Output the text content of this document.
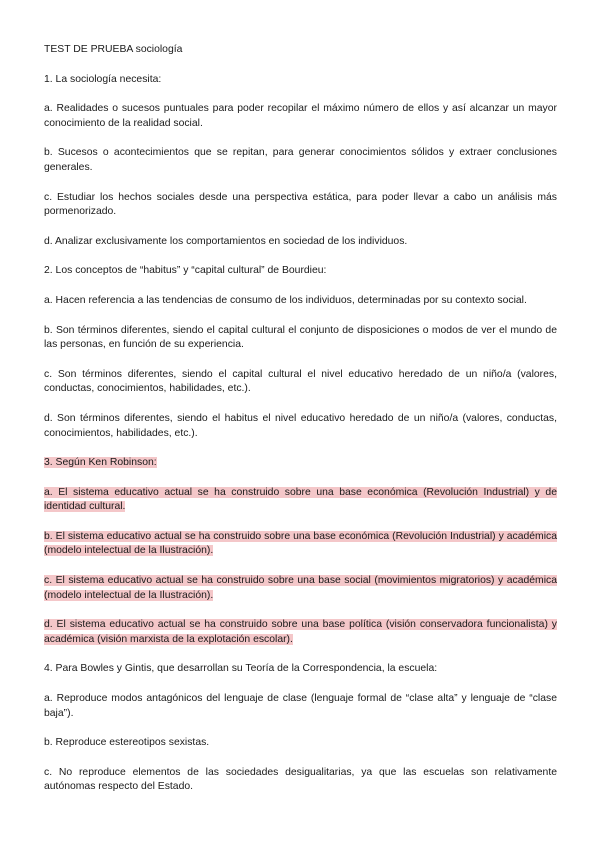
TEST DE PRUEBA sociología
1. La sociología necesita:
a. Realidades o sucesos puntuales para poder recopilar el máximo número de ellos y así alcanzar un mayor conocimiento de la realidad social.
b. Sucesos o acontecimientos que se repitan, para generar conocimientos sólidos y extraer conclusiones generales.
c. Estudiar los hechos sociales desde una perspectiva estática, para poder llevar a cabo un análisis más pormenorizado.
d. Analizar exclusivamente los comportamientos en sociedad de los individuos.
2. Los conceptos de “habitus” y “capital cultural” de Bourdieu:
a. Hacen referencia a las tendencias de consumo de los individuos, determinadas por su contexto social.
b. Son términos diferentes, siendo el capital cultural el conjunto de disposiciones o modos de ver el mundo de las personas, en función de su experiencia.
c. Son términos diferentes, siendo el capital cultural el nivel educativo heredado de un niño/a (valores, conductas, conocimientos, habilidades, etc.).
d. Son términos diferentes, siendo el habitus el nivel educativo heredado de un niño/a (valores, conductas, conocimientos, habilidades, etc.).
3. Según Ken Robinson:
a. El sistema educativo actual se ha construido sobre una base económica (Revolución Industrial) y de identidad cultural.
b. El sistema educativo actual se ha construido sobre una base económica (Revolución Industrial) y académica (modelo intelectual de la Ilustración).
c. El sistema educativo actual se ha construido sobre una base social (movimientos migratorios) y académica (modelo intelectual de la Ilustración).
d. El sistema educativo actual se ha construido sobre una base política (visión conservadora funcionalista) y académica (visión marxista de la explotación escolar).
4. Para Bowles y Gintis, que desarrollan su Teoría de la Correspondencia, la escuela:
a. Reproduce modos antagónicos del lenguaje de clase (lenguaje formal de “clase alta” y lenguaje de “clase baja”).
b. Reproduce estereotipos sexistas.
c. No reproduce elementos de las sociedades desigualitarias, ya que las escuelas son relativamente autónomas respecto del Estado.
